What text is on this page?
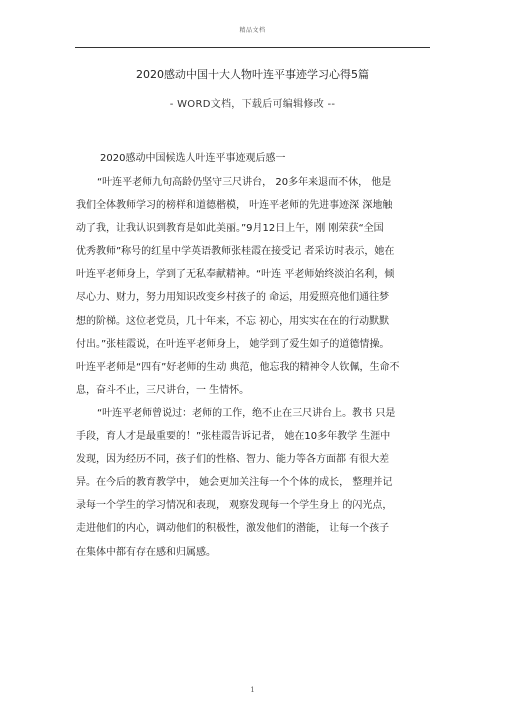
精品文档
2020感动中国十大人物叶连平事迹学习心得5篇
- WORD文档，下载后可编辑修改 --
2020感动中国候选人叶连平事迹观后感一
“叶连平老师九旬高龄仍坚守三尺讲台， 20多年来退而不休， 他是
我们全体教师学习的榜样和道德楷模， 叶连平老师的先进事迹深 深地触
动了我，让我认识到教育是如此美丽。”9月12日上午，刚 刚荣获“全国
优秀教师”称号的红星中学英语教师张桂霞在接受记 者采访时表示，她在
叶连平老师身上，学到了无私奉献精神。“叶连 平老师始终淡泊名利，倾
尽心力、财力，努力用知识改变乡村孩子的 命运，用爱照亮他们通往梦
想的阶梯。这位老党员，几十年来，不忘 初心，用实实在在的行动默默
付出。”张桂霞说，在叶连平老师身上， 她学到了爱生如子的道德情操。
叶连平老师是“四有”好老师的生动 典范，他忘我的精神令人钦佩，生命不
息，奋斗不止，三尺讲台，一 生情怀。
“叶连平老师曾说过：老师的工作，绝不止在三尺讲台上。教书 只是
手段，育人才是最重要的！”张桂霞告诉记者， 她在10多年教学 生涯中
发现，因为经历不同，孩子们的性格、智力、能力等各方面都 有很大差
异。在今后的教育教学中， 她会更加关注每一个个体的成长， 整理并记
录每一个学生的学习情况和表现， 观察发现每一个学生身上 的闪光点，
走进他们的内心，调动他们的积极性，激发他们的潜能， 让每一个孩子
在集体中都有存在感和归属感。
1
